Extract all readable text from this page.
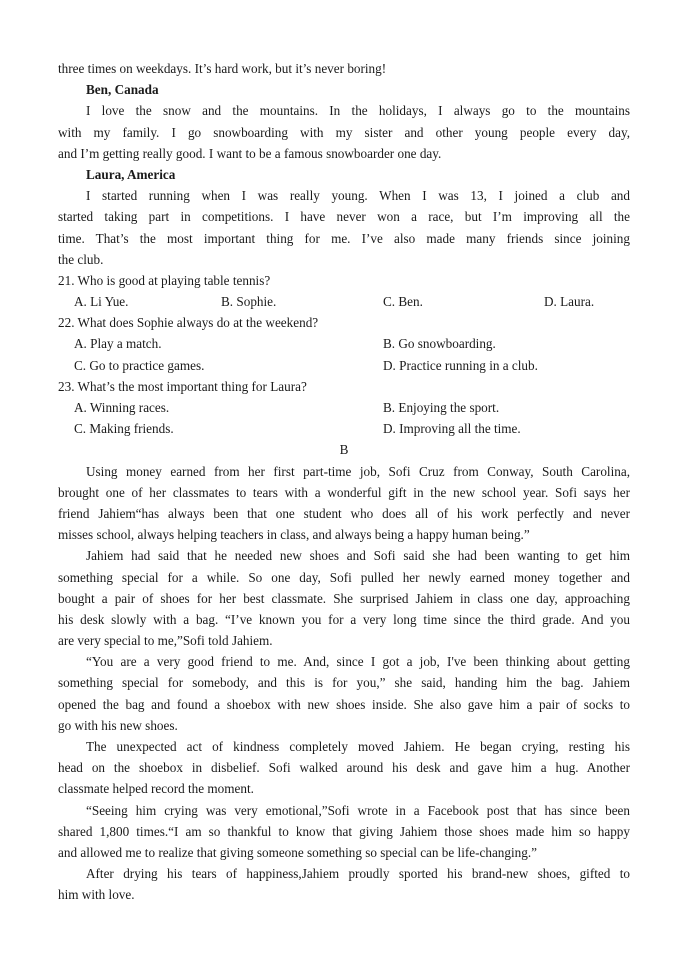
three times on weekdays. It’s hard work, but it’s never boring!
Ben, Canada
I love the snow and the mountains. In the holidays, I always go to the mountains
with my family. I go snowboarding with my sister and other young people every day,
and I’m getting really good. I want to be a famous snowboarder one day.
Laura, America
I started running when I was really young. When I was 13, I joined a club and
started taking part in competitions. I have never won a race, but I’m improving all the
time. That’s the most important thing for me. I’ve also made many friends since joining
the club.
21. Who is good at playing table tennis?
A. Li Yue.	B. Sophie.	C. Ben.	D. Laura.
22. What does Sophie always do at the weekend?
A. Play a match.	B. Go snowboarding.
C. Go to practice games.	D. Practice running in a club.
23. What’s the most important thing for Laura?
A. Winning races.	B. Enjoying the sport.
C. Making friends.	D. Improving all the time.
B
Using money earned from her first part-time job, Sofi Cruz from Conway, South Carolina,
brought one of her classmates to tears with a wonderful gift in the new school year. Sofi says her
friend Jahiem“has always been that one student who does all of his work perfectly and never
misses school, always helping teachers in class, and always being a happy human being.”
Jahiem had said that he needed new shoes and Sofi said she had been wanting to get him
something special for a while. So one day, Sofi pulled her newly earned money together and
bought a pair of shoes for her best classmate. She surprised Jahiem in class one day, approaching
his desk slowly with a bag. “I’ve known you for a very long time since the third grade. And you
are very special to me,”Sofi told Jahiem.
“You are a very good friend to me. And, since I got a job, I've been thinking about getting
something special for somebody, and this is for you,” she said, handing him the bag. Jahiem
opened the bag and found a shoebox with new shoes inside. She also gave him a pair of socks to
go with his new shoes.
The unexpected act of kindness completely moved Jahiem. He began crying, resting his
head on the shoebox in disbelief. Sofi walked around his desk and gave him a hug. Another
classmate helped record the moment.
“Seeing him crying was very emotional,”Sofi wrote in a Facebook post that has since been
shared 1,800 times.“I am so thankful to know that giving Jahiem those shoes made him so happy
and allowed me to realize that giving someone something so special can be life-changing.”
After drying his tears of happiness,Jahiem proudly sported his brand-new shoes, gifted to
him with love.
